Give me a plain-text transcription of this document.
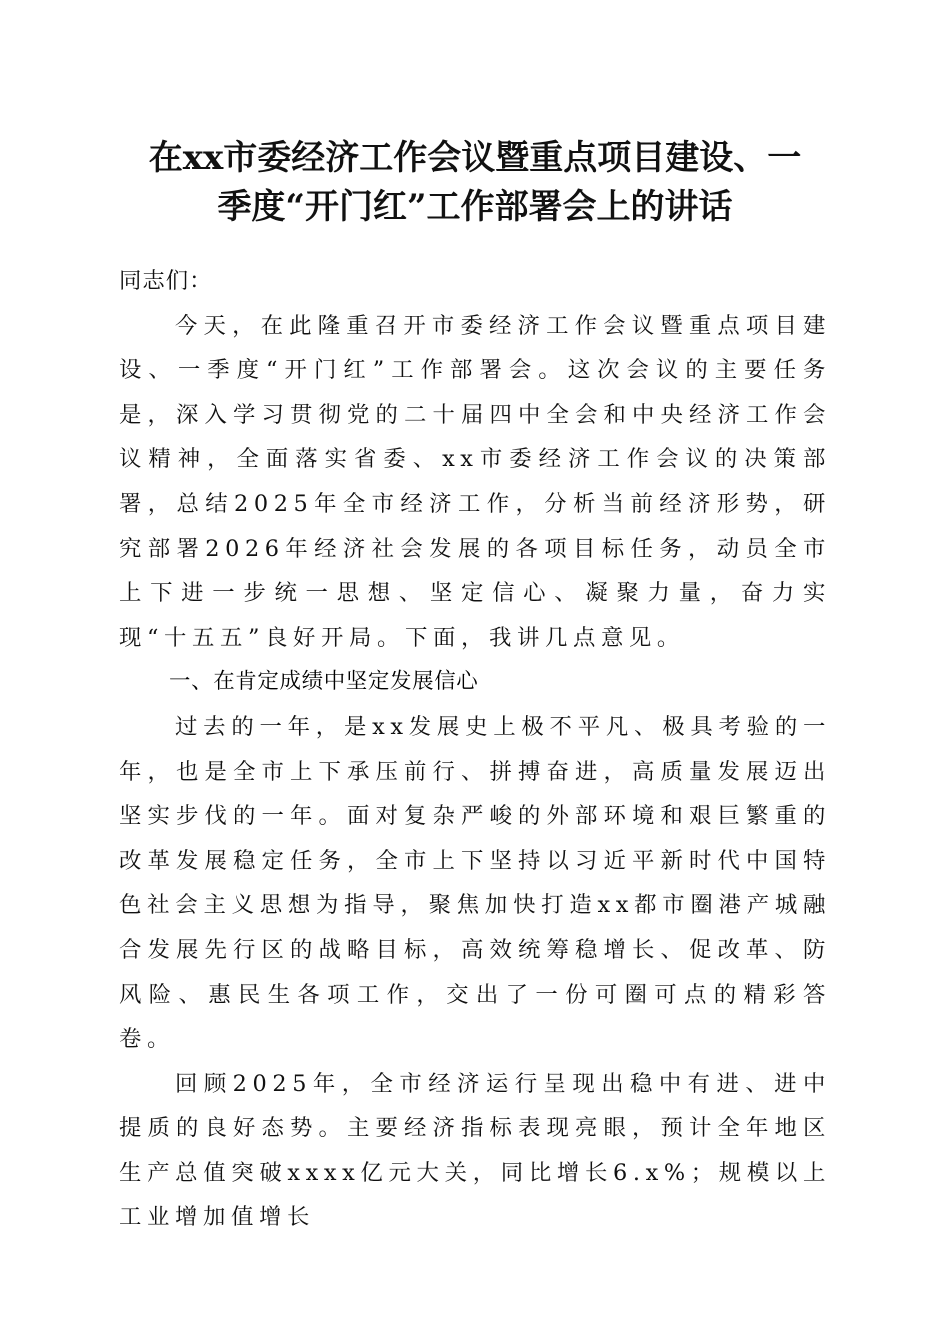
在xx市委经济工作会议暨重点项目建设、一
季度“开门红”工作部署会上的讲话

同志们：

今天，在此隆重召开市委经济工作会议暨重点项目建设、一季度“开门红”工作部署会。这次会议的主要任务是，深入学习贯彻党的二十届四中全会和中央经济工作会议精神，全面落实省委、xx市委经济工作会议的决策部署，总结2025年全市经济工作，分析当前经济形势，研究部署2026年经济社会发展的各项目标任务，动员全市上下进一步统一思想、坚定信心、凝聚力量，奋力实现“十五五”良好开局。下面，我讲几点意见。

一、在肯定成绩中坚定发展信心

过去的一年，是xx发展史上极不平凡、极具考验的一年，也是全市上下承压前行、拼搏奋进，高质量发展迈出坚实步伐的一年。面对复杂严峻的外部环境和艰巨繁重的改革发展稳定任务，全市上下坚持以习近平新时代中国特色社会主义思想为指导，聚焦加快打造xx都市圈港产城融合发展先行区的战略目标，高效统筹稳增长、促改革、防风险、惠民生各项工作，交出了一份可圈可点的精彩答卷。

回顾2025年，全市经济运行呈现出稳中有进、进中提质的良好态势。主要经济指标表现亮眼，预计全年地区生产总值突破xxxx亿元大关，同比增长6.x%；规模以上工业增加值增长
